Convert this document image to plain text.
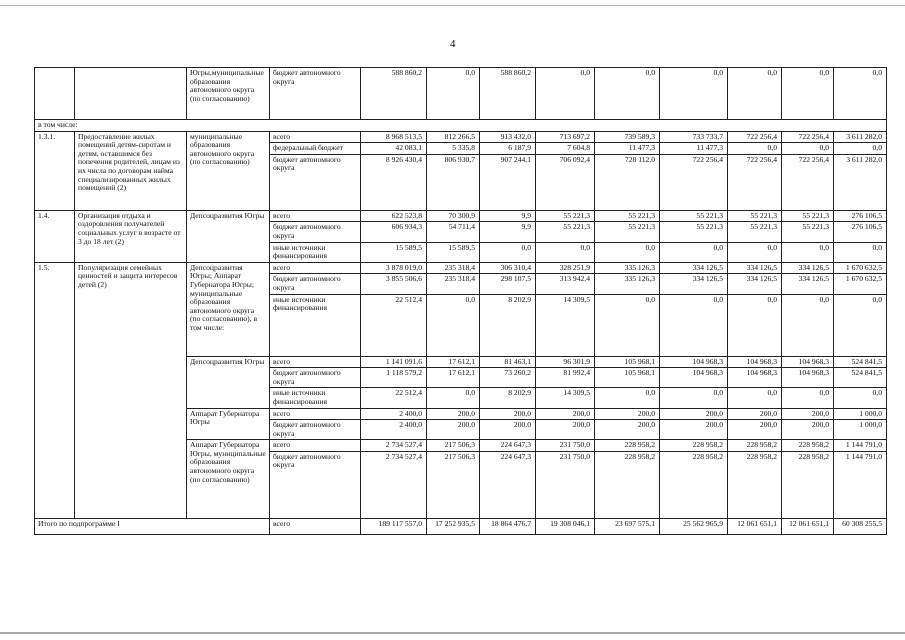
4
		Югры,муниципальные образования автономного округа (по согласованию)	бюджет автономного округа	588 860,2	0,0	588 860,2	0,0	0,0	0,0	0,0	0,0	0,0
в том числе:												
1.3.1.	Предоставление жилых помещений детям-сиротам и детям, оставшимся без попечения родителей, лицам из их числа по договорам найма специализированных жилых помещений (2)	муниципальные образования автономного округа (по согласованию)	всего	8 968 513,5	812 266,5	913 432,0	713 697,2	739 589,3	733 733,7	722 256,4	722 256,4	3 611 282,0
			федеральный бюджет	42 083,1	5 335,8	6 187,9	7 604,8	11 477,3	11 477,3	0,0	0,0	0,0
			бюджет автономного округа	8 926 430,4	806 930,7	907 244,1	706 092,4	728 112,0	722 256,4	722 256,4	722 256,4	3 611 282,0
1.4.	Организация отдыха и оздоровления получателей социальных услуг в возрасте от 3 до 18 лет (2)	Депсоцразвития Югры	всего	622 523,8	70 300,9	9,9	55 221,3	55 221,3	55 221,3	55 221,3	55 221,3	276 106,5
			бюджет автономного округа	606 934,3	54 711,4	9,9	55 221,3	55 221,3	55 221,3	55 221,3	55 221,3	276 106,5
			иные источники финансирования	15 589,5	15 589,5	0,0	0,0	0,0	0,0	0,0	0,0	0,0
1.5.	Популяризация семейных ценностей и защита интересов детей (2)	Депсоцразвития Югры; Аппарат Губернатора Югры; муниципальные образования автономного округа (по согласованию), в том числе:	всего	3 878 019,0	235 318,4	306 310,4	328 251,9	335 126,3	334 126,5	334 126,5	334 126,5	1 670 632,5
			бюджет автономного округа	3 855 506,6	235 318,4	298 107,5	313 942,4	335 126,3	334 126,5	334 126,5	334 126,5	1 670 632,5
			иные источники финансирования	22 512,4	0,0	8 202,9	14 309,5	0,0	0,0	0,0	0,0	0,0
		Депсоцразвития Югры	всего	1 141 091,6	17 612,1	81 463,1	96 301,9	105 968,1	104 968,3	104 968,3	104 968,3	524 841,5
			бюджет автономного округа	1 118 579,2	17 612,1	73 260,2	81 992,4	105 968,1	104 968,3	104 968,3	104 968,3	524 841,5
			иные источники финансирования	22 512,4	0,0	8 202,9	14 309,5	0,0	0,0	0,0	0,0	0,0
		Аппарат Губернатора Югры	всего	2 400,0	200,0	200,0	200,0	200,0	200,0	200,0	200,0	1 000,0
			бюджет автономного округа	2 400,0	200,0	200,0	200,0	200,0	200,0	200,0	200,0	1 000,0
		Аппарат Губернатора Югры, муниципальные образования автономного округа (по согласованию)	всего	2 734 527,4	217 506,3	224 647,3	231 750,0	228 958,2	228 958,2	228 958,2	228 958,2	1 144 791,0
			бюджет автономного округа	2 734 527,4	217 506,3	224 647,3	231 750,0	228 958,2	228 958,2	228 958,2	228 958,2	1 144 791,0
Итого по подпрограмме I			всего	189 117 557,0	17 252 935,5	18 864 476,7	19 308 046,1	23 697 575,1	25 562 965,9	12 061 651,1	12 061 651,1	60 308 255,5
